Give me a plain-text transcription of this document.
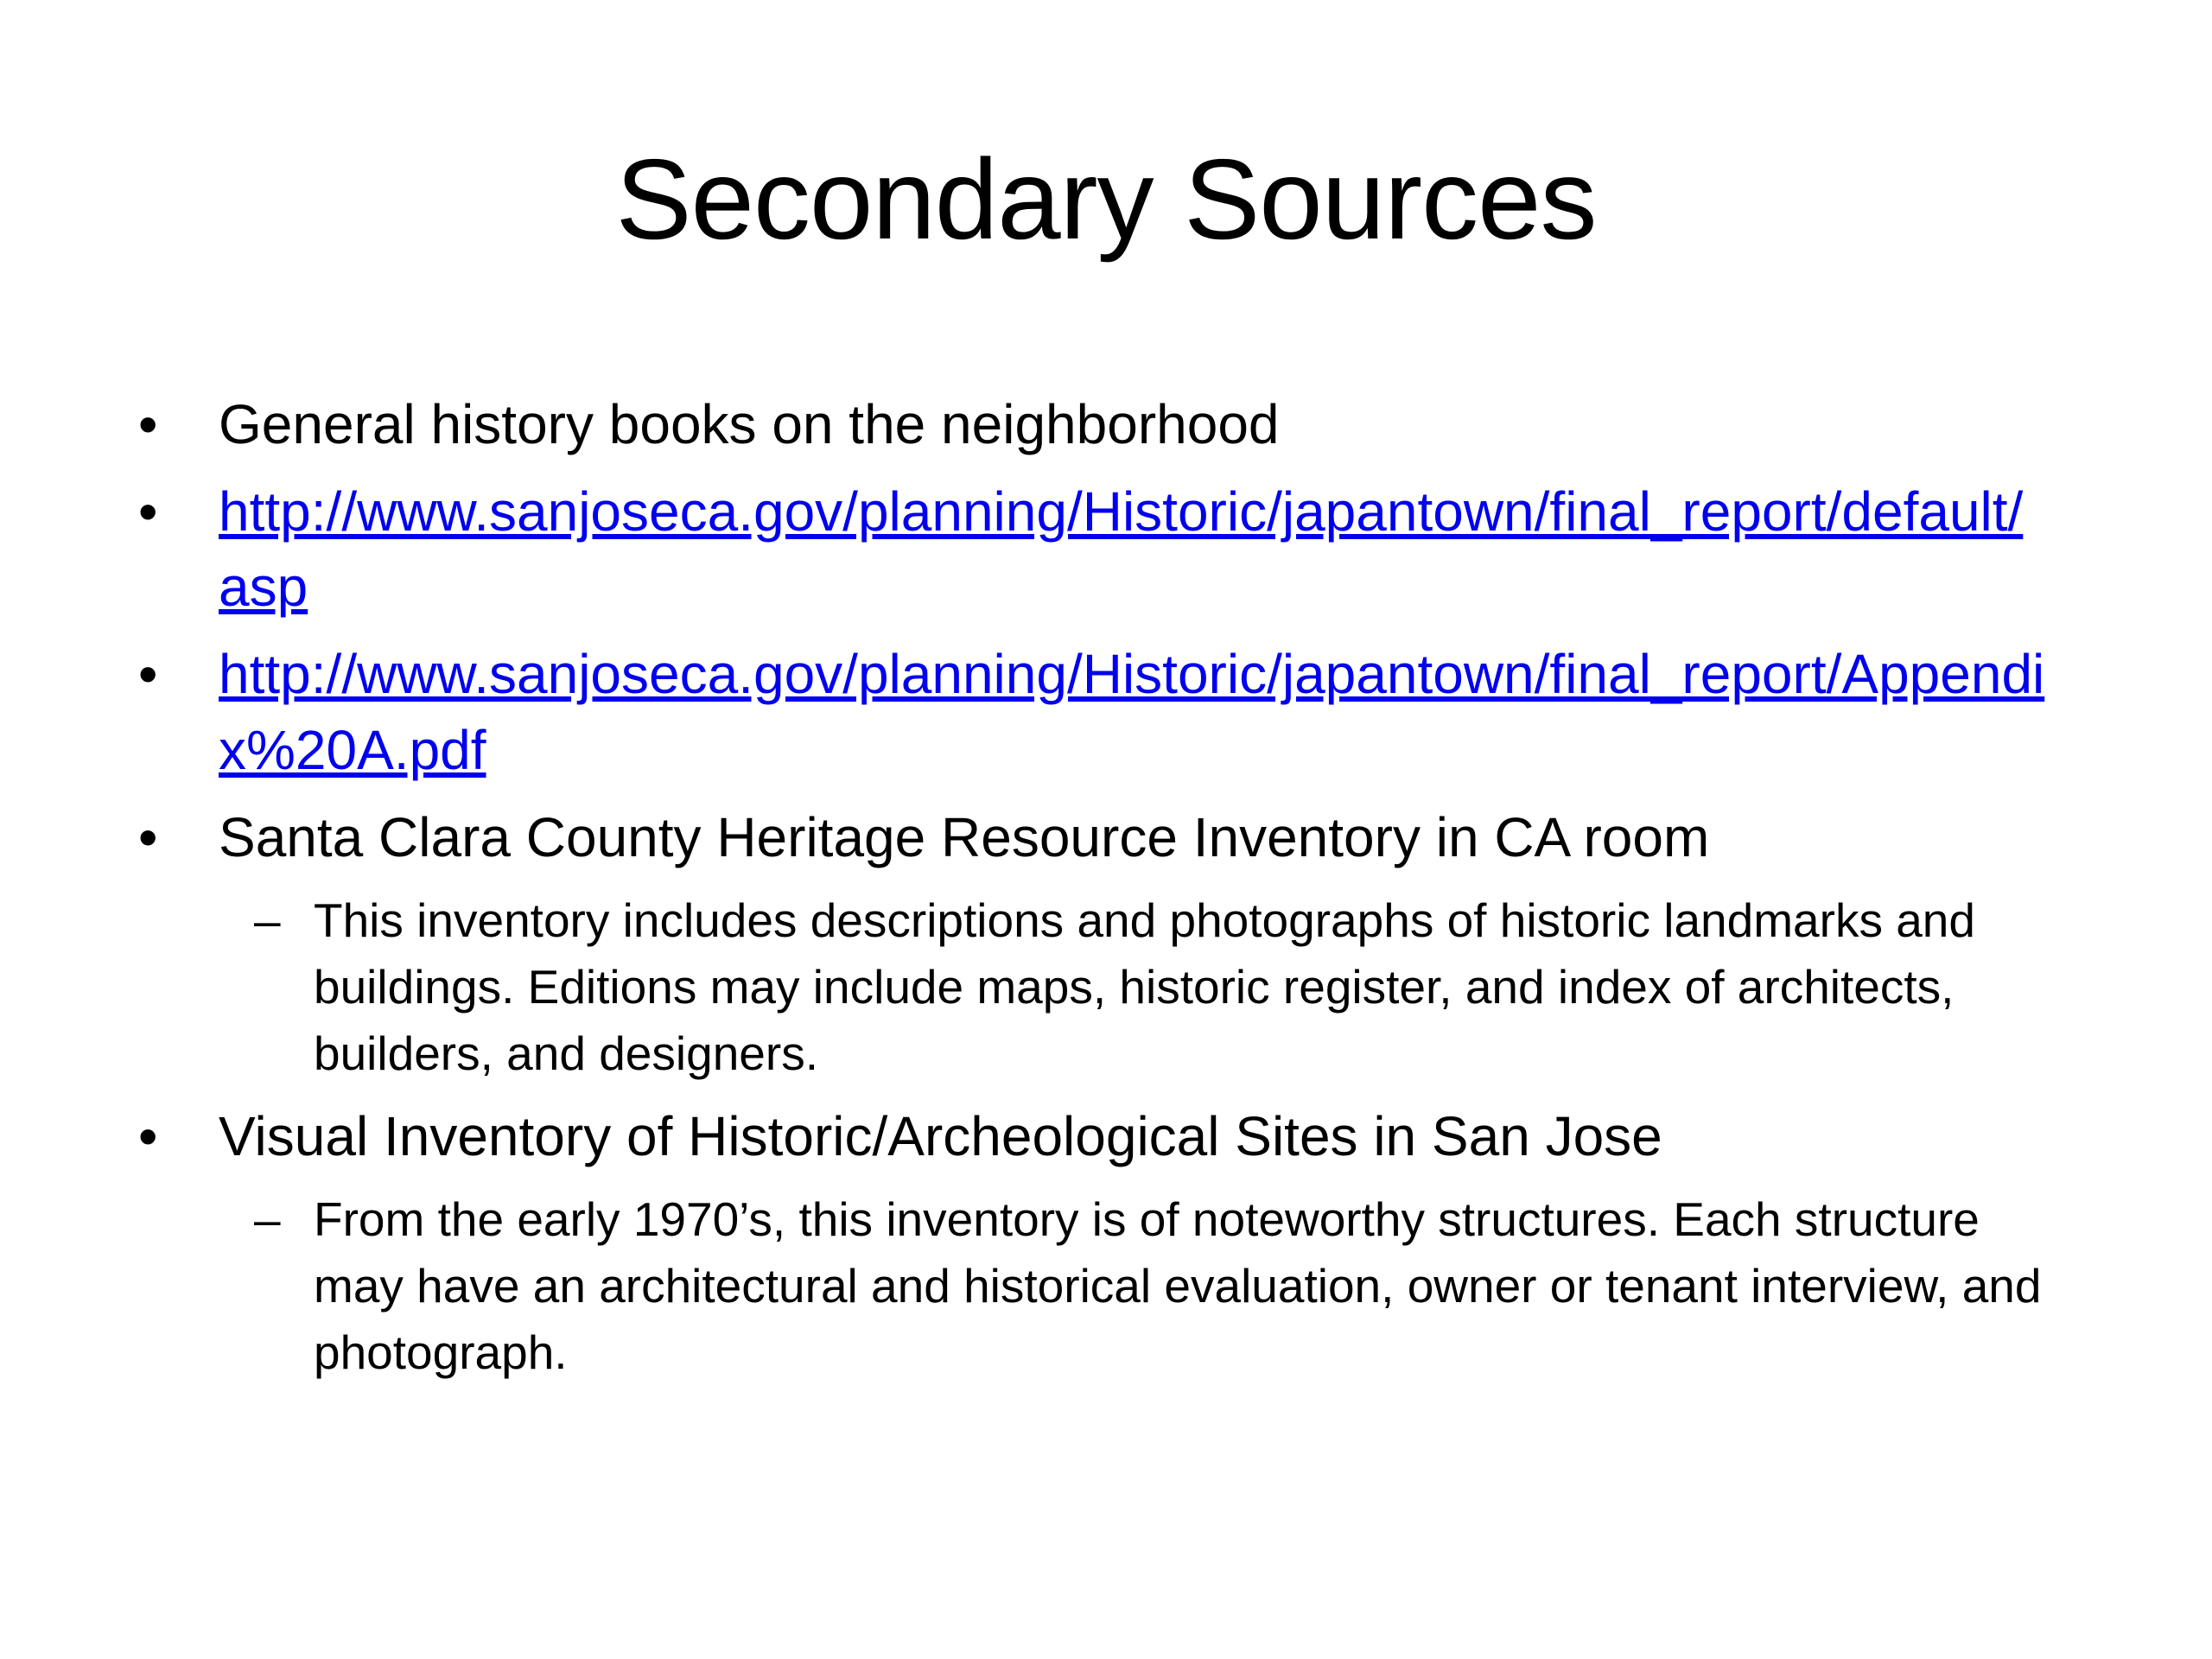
Secondary Sources
•	General history books on the neighborhood
•	http://www.sanjoseca.gov/planning/Historic/japantown/final_report/default/asp
•	http://www.sanjoseca.gov/planning/Historic/japantown/final_report/Appendix%20A.pdf
•	Santa Clara County Heritage Resource Inventory in CA room
– This inventory includes descriptions and photographs of historic landmarks and buildings. Editions may include maps, historic register, and index of architects, builders, and designers.
•	Visual Inventory of Historic/Archeological Sites in San Jose
– From the early 1970’s, this inventory is of noteworthy structures. Each structure may have an architectural and historical evaluation, owner or tenant interview, and photograph.
